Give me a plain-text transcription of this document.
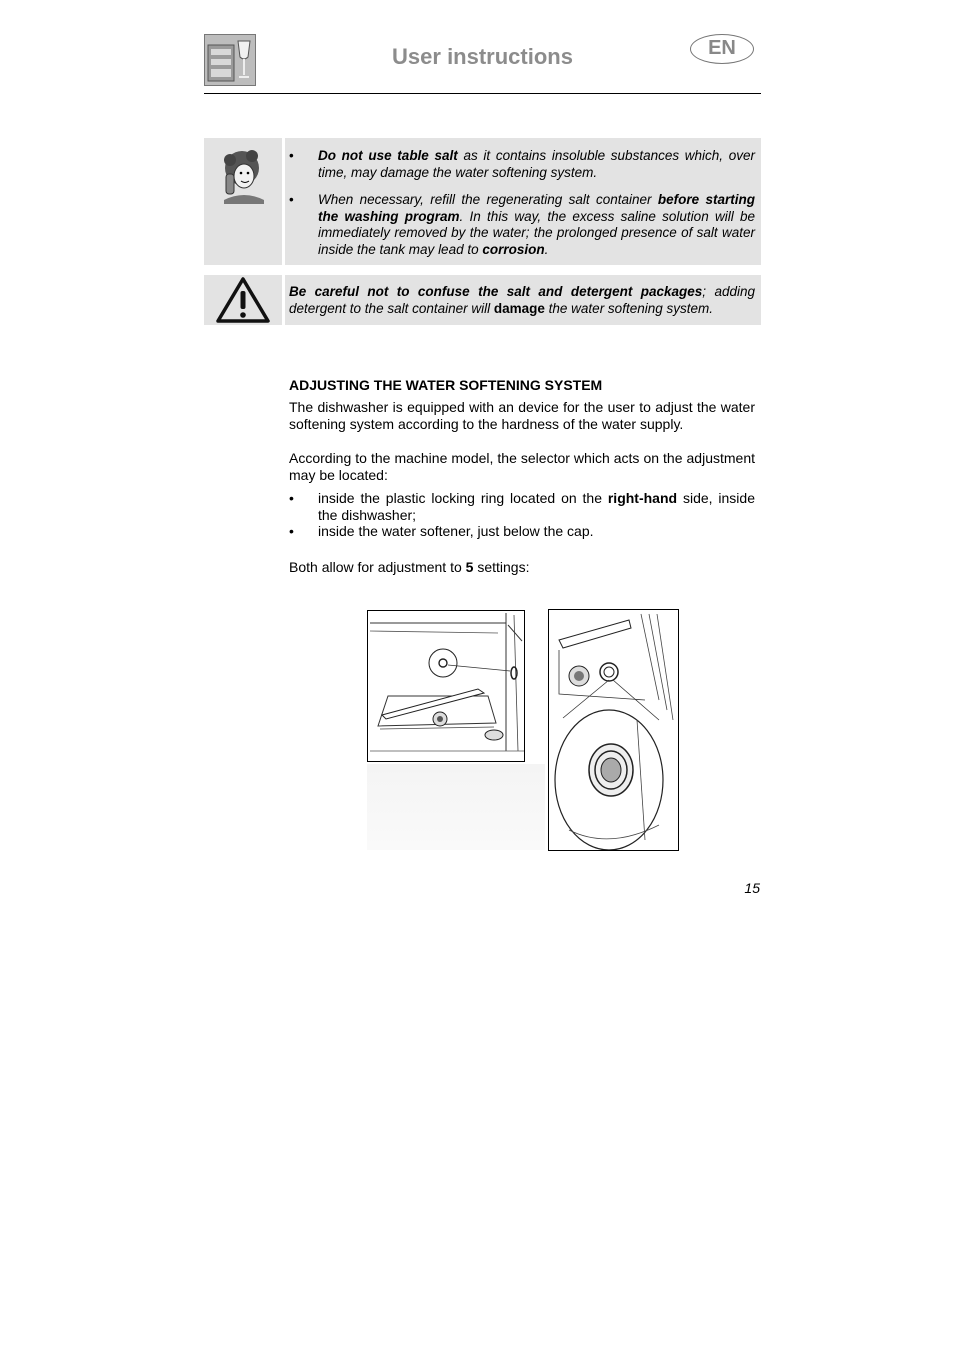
User instructions	EN
• Do not use table salt as it contains insoluble substances which, over time, may damage the water softening system.
• When necessary, refill the regenerating salt container before starting the washing program. In this way, the excess saline solution will be immediately removed by the water; the prolonged presence of salt water inside the tank may lead to corrosion.
Be careful not to confuse the salt and detergent packages; adding detergent to the salt container will damage the water softening system.
ADJUSTING THE WATER SOFTENING SYSTEM
The dishwasher is equipped with an device for the user to adjust the water softening system according to the hardness of the water supply.
According to the machine model, the selector which acts on the adjustment may be located:
• inside the plastic locking ring located on the right-hand side, inside the dishwasher;
• inside the water softener, just below the cap.
Both allow for adjustment to 5 settings:
15
